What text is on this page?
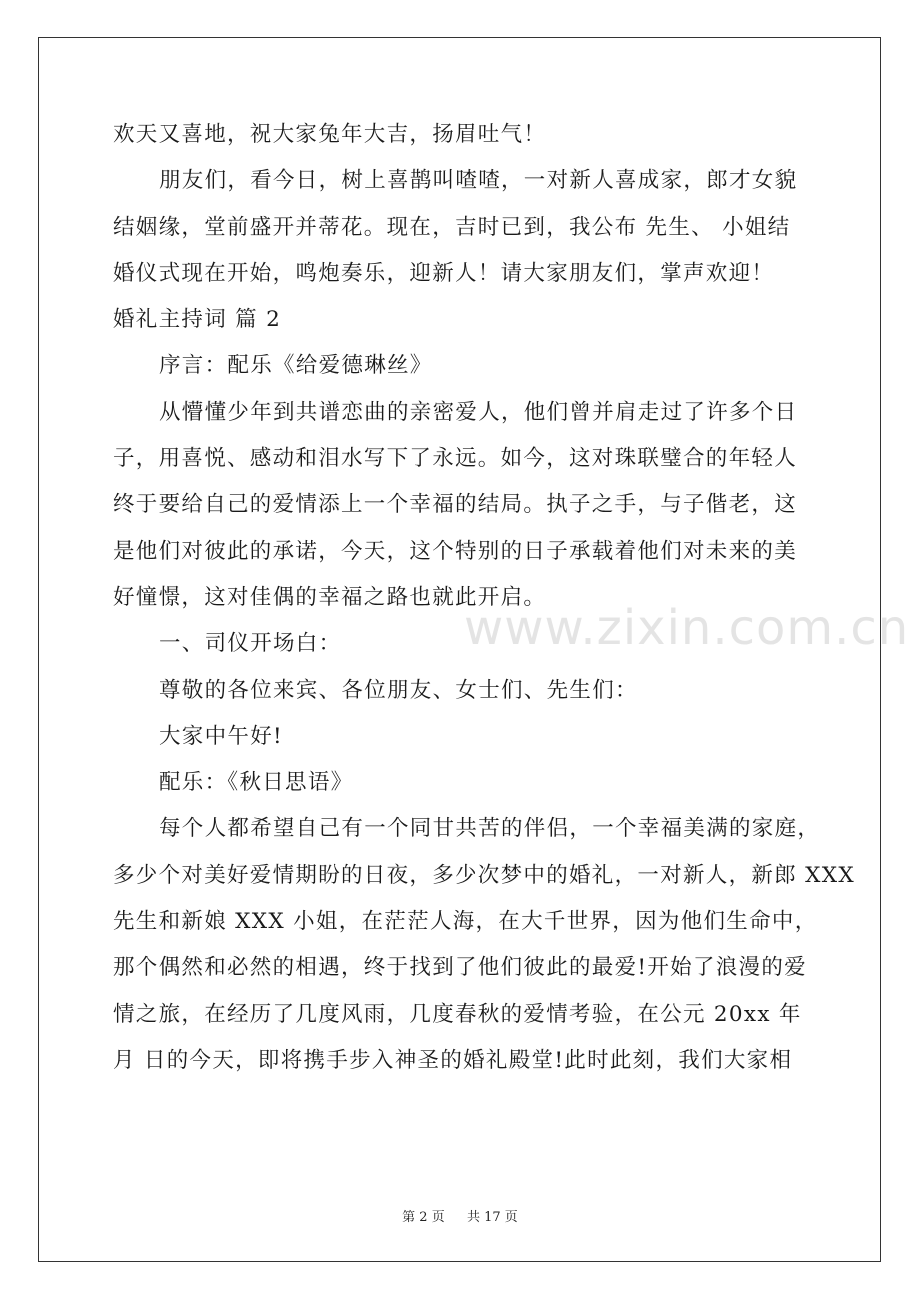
欢天又喜地，祝大家兔年大吉，扬眉吐气！
朋友们，看今日，树上喜鹊叫喳喳，一对新人喜成家，郎才女貌
结姻缘，堂前盛开并蒂花。现在，吉时已到，我公布 先生、 小姐结
婚仪式现在开始，鸣炮奏乐，迎新人！请大家朋友们，掌声欢迎！
婚礼主持词 篇 2
序言：配乐《给爱德琳丝》
从懵懂少年到共谱恋曲的亲密爱人，他们曾并肩走过了许多个日
子，用喜悦、感动和泪水写下了永远。如今，这对珠联璧合的年轻人
终于要给自己的爱情添上一个幸福的结局。执子之手，与子偕老，这
是他们对彼此的承诺，今天，这个特别的日子承载着他们对未来的美
好憧憬，这对佳偶的幸福之路也就此开启。
一、司仪开场白：
尊敬的各位来宾、各位朋友、女士们、先生们：
大家中午好!
配乐：《秋日思语》
每个人都希望自己有一个同甘共苦的伴侣，一个幸福美满的家庭，
多少个对美好爱情期盼的日夜，多少次梦中的婚礼，一对新人，新郎 XXX
先生和新娘 XXX 小姐，在茫茫人海，在大千世界，因为他们生命中，
那个偶然和必然的相遇，终于找到了他们彼此的最爱!开始了浪漫的爱
情之旅，在经历了几度风雨，几度春秋的爱情考验，在公元 20xx 年
月 日的今天，即将携手步入神圣的婚礼殿堂!此时此刻，我们大家相
www.zixin.com.cn
第 2 页 共 17 页
